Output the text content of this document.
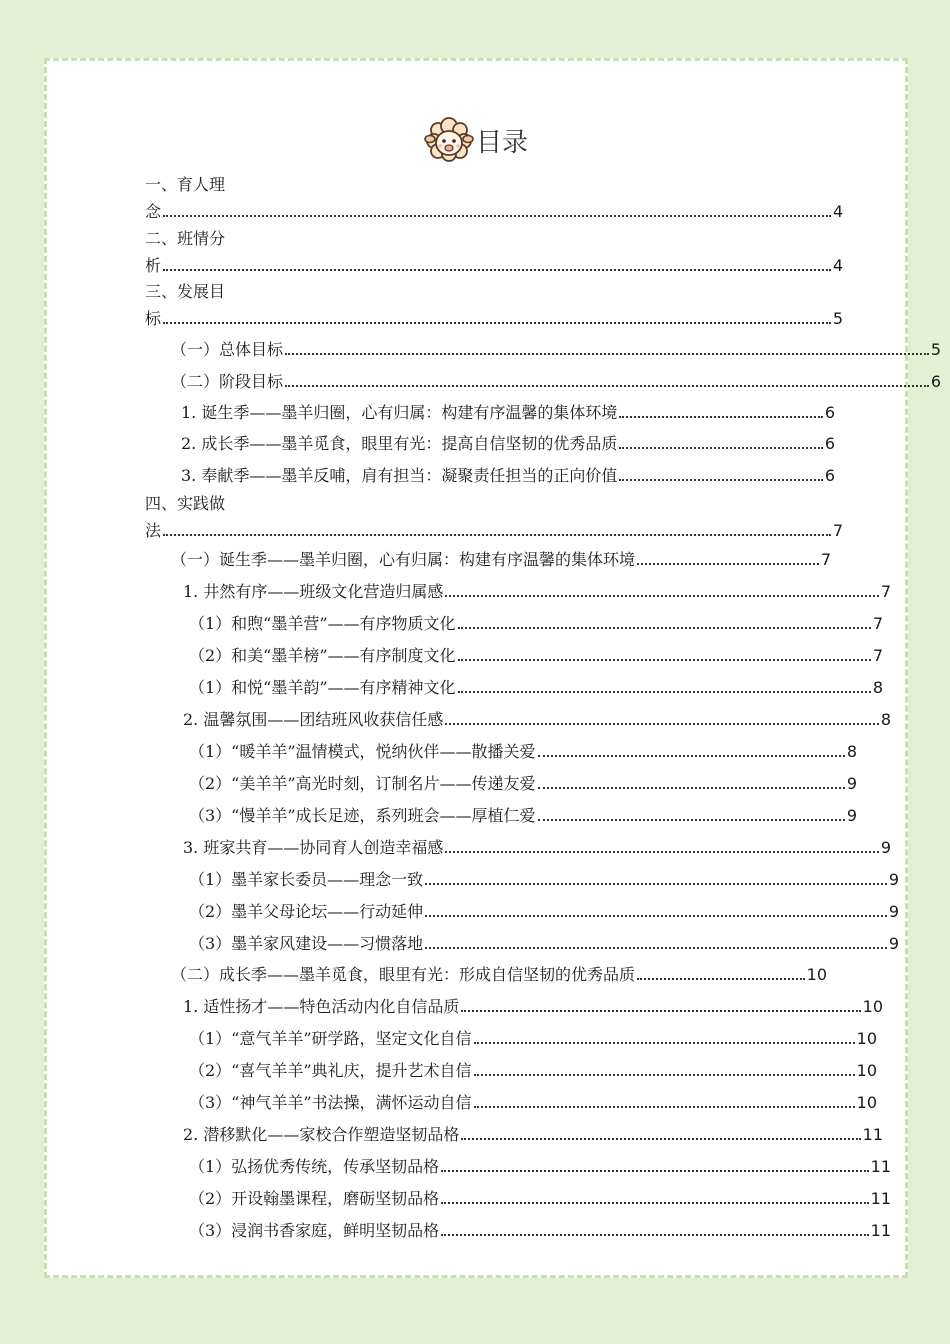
目录
一、育人理
念	4
二、班情分
析	4
三、发展目
标	5
（一）总体目标	5
（二）阶段目标	6
1. 诞生季——墨羊归圈，心有归属：构建有序温馨的集体环境	6
2. 成长季——墨羊觅食，眼里有光：提高自信坚韧的优秀品质	6
3. 奉献季——墨羊反哺，肩有担当：凝聚责任担当的正向价值	6
四、实践做
法	7
（一）诞生季——墨羊归圈，心有归属：构建有序温馨的集体环境	7
1. 井然有序——班级文化营造归属感	7
（1）和煦“墨羊营”——有序物质文化	7
（2）和美“墨羊榜”——有序制度文化	7
（1）和悦“墨羊韵”——有序精神文化	8
2. 温馨氛围——团结班风收获信任感	8
（1）“暖羊羊”温情模式，悦纳伙伴——散播关爱	8
（2）“美羊羊”高光时刻，订制名片——传递友爱	9
（3）“慢羊羊”成长足迹，系列班会——厚植仁爱	9
3. 班家共育——协同育人创造幸福感	9
（1）墨羊家长委员——理念一致	9
（2）墨羊父母论坛——行动延伸	9
（3）墨羊家风建设——习惯落地	9
（二）成长季——墨羊觅食，眼里有光：形成自信坚韧的优秀品质	10
1. 适性扬才——特色活动内化自信品质	10
（1）“意气羊羊”研学路，坚定文化自信	10
（2）“喜气羊羊”典礼庆，提升艺术自信	10
（3）“神气羊羊”书法操，满怀运动自信	10
2. 潜移默化——家校合作塑造坚韧品格	11
（1）弘扬优秀传统，传承坚韧品格	11
（2）开设翰墨课程，磨砺坚韧品格	11
（3）浸润书香家庭，鲜明坚韧品格	11
